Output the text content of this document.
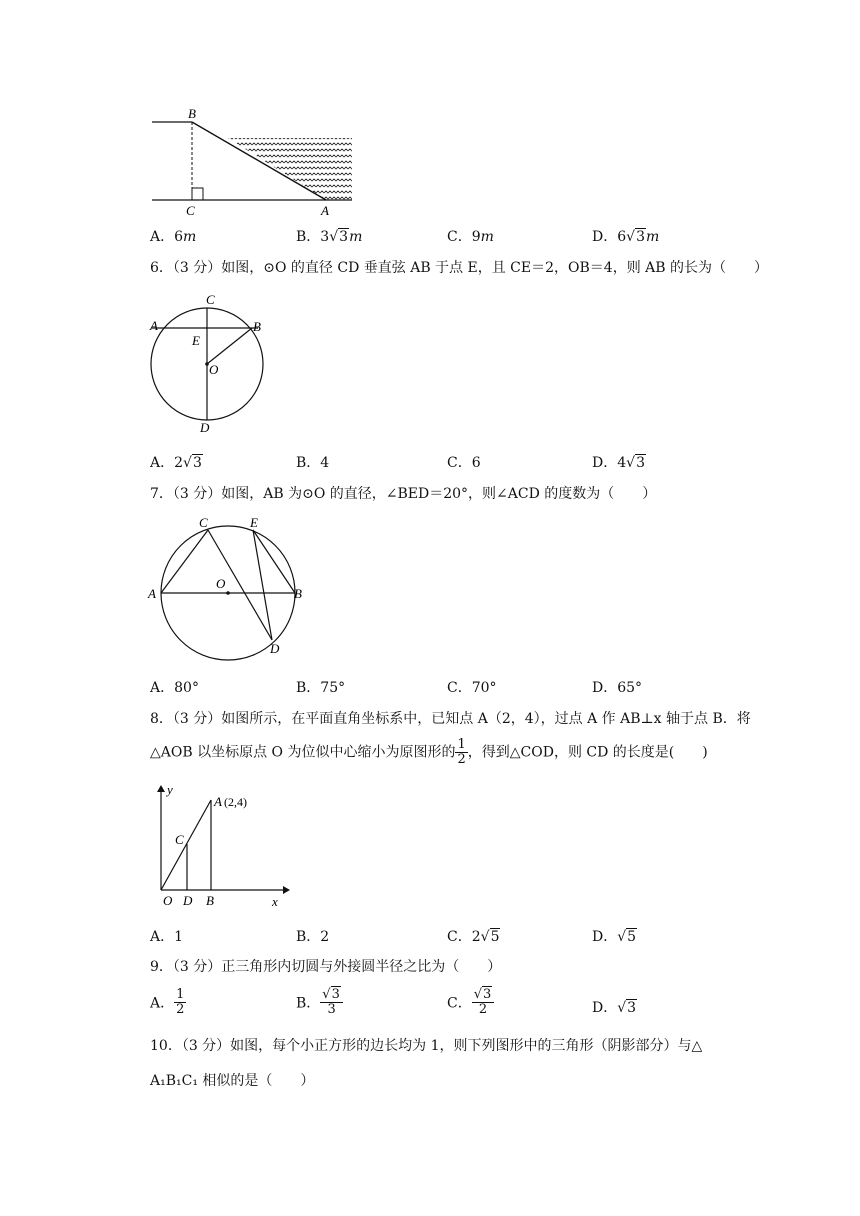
B
C	A
A．6m	B．3√3m	C．9m	D．6√3m
6．（3 分）如图，⊙O 的直径 CD 垂直弦 AB 于点 E，且 CE＝2，OB＝4，则 AB 的长为（　　）
C
A	B
E
O
D
A．2√3	B．4	C．6	D．4√3
7．（3 分）如图，AB 为⊙O 的直径，∠BED＝20°，则∠ACD 的度数为（　　）
C	E
A	B
O
D
A．80°	B．75°	C．70°	D．65°
8．（3 分）如图所示，在平面直角坐标系中，已知点 A（2，4），过点 A 作 AB⊥x 轴于点 B．将
△AOB 以坐标原点 O 为位似中心缩小为原图形的 $\frac{1}{2}$ ，得到△COD，则 CD 的长度是(　　)
y
x
A (2,4)
C
O D B
A．1	B．2	C．2√5	D．√5
9．（3 分）正三角形内切圆与外接圆半径之比为（　　）
A． $\frac{1}{2}$	B． $\frac{√3}{3}$	C． $\frac{√3}{2}$	D．√3
10．（3 分）如图，每个小正方形的边长均为 1，则下列图形中的三角形（阴影部分）与△
A₁B₁C₁ 相似的是（　　）
